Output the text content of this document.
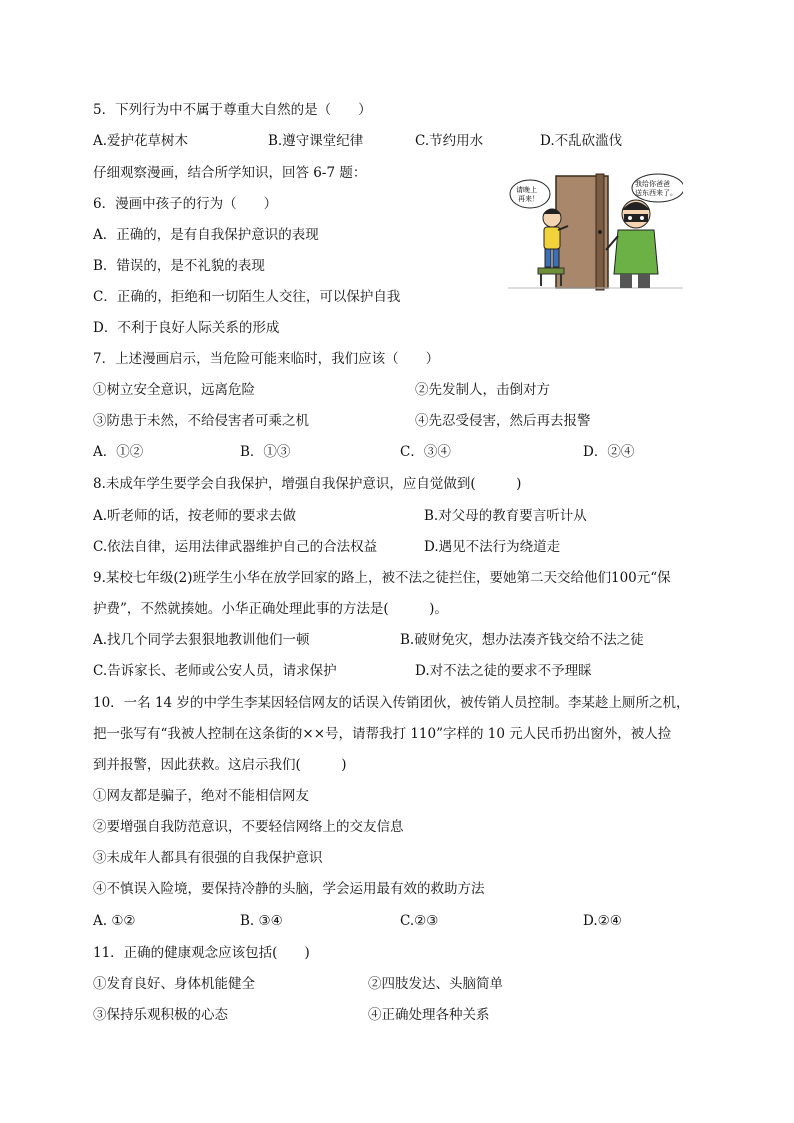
5．下列行为中不属于尊重大自然的是（　　）
A.爱护花草树木	B.遵守课堂纪律	C.节约用水	D.不乱砍滥伐
仔细观察漫画，结合所学知识，回答 6-7 题：
请晚上
再来！
我给你爸爸
送东西来了。
6．漫画中孩子的行为（　　）
A．正确的，是有自我保护意识的表现
B．错误的，是不礼貌的表现
C．正确的，拒绝和一切陌生人交往，可以保护自我
D．不利于良好人际关系的形成
7．上述漫画启示，当危险可能来临时，我们应该（　　）
①树立安全意识，远离危险	②先发制人，击倒对方
③防患于未然，不给侵害者可乘之机	④先忍受侵害，然后再去报警
A．①②	B．①③	C．③④	D．②④
8.未成年学生要学会自我保护，增强自我保护意识，应自觉做到(　　　)
A.听老师的话，按老师的要求去做	B.对父母的教育要言听计从
C.依法自律，运用法律武器维护自己的合法权益	D.遇见不法行为绕道走
9.某校七年级(2)班学生小华在放学回家的路上，被不法之徒拦住，要她第二天交给他们100元“保
护费”，不然就揍她。小华正确处理此事的方法是(　　　)。
A.找几个同学去狠狠地教训他们一顿	B.破财免灾，想办法凑齐钱交给不法之徒
C.告诉家长、老师或公安人员，请求保护	D.对不法之徒的要求不予理睬
10．一名 14 岁的中学生李某因轻信网友的话误入传销团伙，被传销人员控制。李某趁上厕所之机，
把一张写有“我被人控制在这条街的××号，请帮我打 110”字样的 10 元人民币扔出窗外，被人捡
到并报警，因此获救。这启示我们(　　　)
①网友都是骗子，绝对不能相信网友
②要增强自我防范意识，不要轻信网络上的交友信息
③未成年人都具有很强的自我保护意识
④不慎误入险境，要保持冷静的头脑，学会运用最有效的救助方法
A. ①②	B. ③④	C.②③	D.②④
11．正确的健康观念应该包括(　　)
①发育良好、身体机能健全	②四肢发达、头脑简单
③保持乐观积极的心态	④正确处理各种关系
